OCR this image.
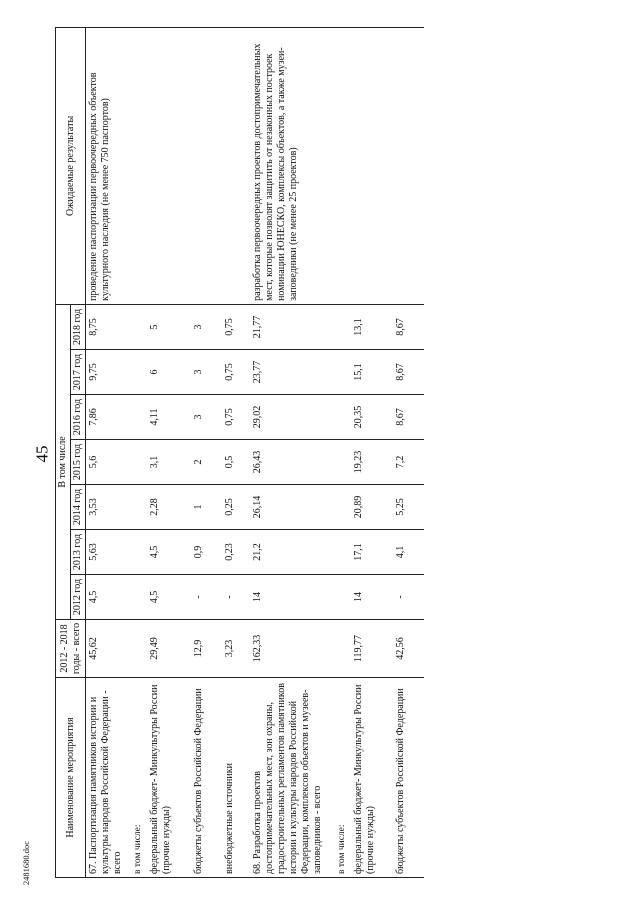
45
2481680.doc
Наименование мероприятия	2012 - 2018
годы - всего	В том числе							Ожидаемые результаты
		2012 год	2013 год	2014 год	2015 год	2016 год	2017 год	2018 год	
67. Паспортизация памятников истории и культуры народов Российской Федерации - всего	45,62	4,5	5,63	3,53	5,6	7,86	9,75	8,75	проведение паспортизации первоочередных объектов культурного наследия (не менее 750 паспортов)
в том числе:									
федеральный бюджет- Минкультуры России (прочие нужды)	29,49	4,5	4,5	2,28	3,1	4,11	6	5	
бюджеты субъектов Российской Федерации	12,9	-	0,9	1	2	3	3	3	
внебюджетные источники	3,23	-	0,23	0,25	0,5	0,75	0,75	0,75	
68. Разработка проектов достопримечательных мест, зон охраны, градостроительных регламентов памятников истории и культуры народов Российской Федерации, комплексов объектов и музеев-заповедников - всего	162,33	14	21,2	26,14	26,43	29,02	23,77	21,77	разработка первоочередных проектов достопримечательных мест, которые позволят защитить от незаконных построек номинации ЮНЕСКО, комплексы объектов, а также музеи-заповедники (не менее 25 проектов)
в том числе:									
федеральный бюджет- Минкультуры России (прочие нужды)	119,77	14	17,1	20,89	19,23	20,35	15,1	13,1	
бюджеты субъектов Российской Федерации	42,56	-	4,1	5,25	7,2	8,67	8,67	8,67	
